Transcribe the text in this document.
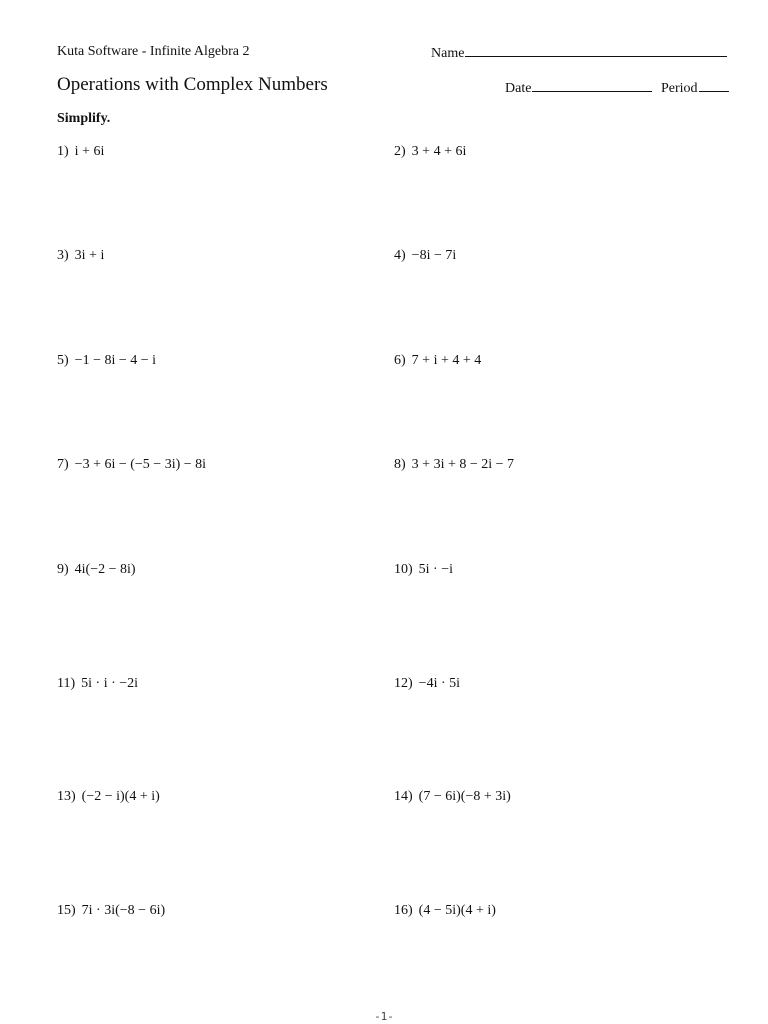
Kuta Software - Infinite Algebra 2	Name
Operations with Complex Numbers	Date	Period
Simplify.
1) i + 6i	2) 3 + 4 + 6i
3) 3i + i	4) −8i − 7i
5) −1 − 8i − 4 − i	6) 7 + i + 4 + 4
7) −3 + 6i − (−5 − 3i) − 8i	8) 3 + 3i + 8 − 2i − 7
9) 4i(−2 − 8i)	10) 5i · −i
11) 5i · i · −2i	12) −4i · 5i
13) (−2 − i)(4 + i)	14) (7 − 6i)(−8 + 3i)
15) 7i · 3i(−8 − 6i)	16) (4 − 5i)(4 + i)
-1-
